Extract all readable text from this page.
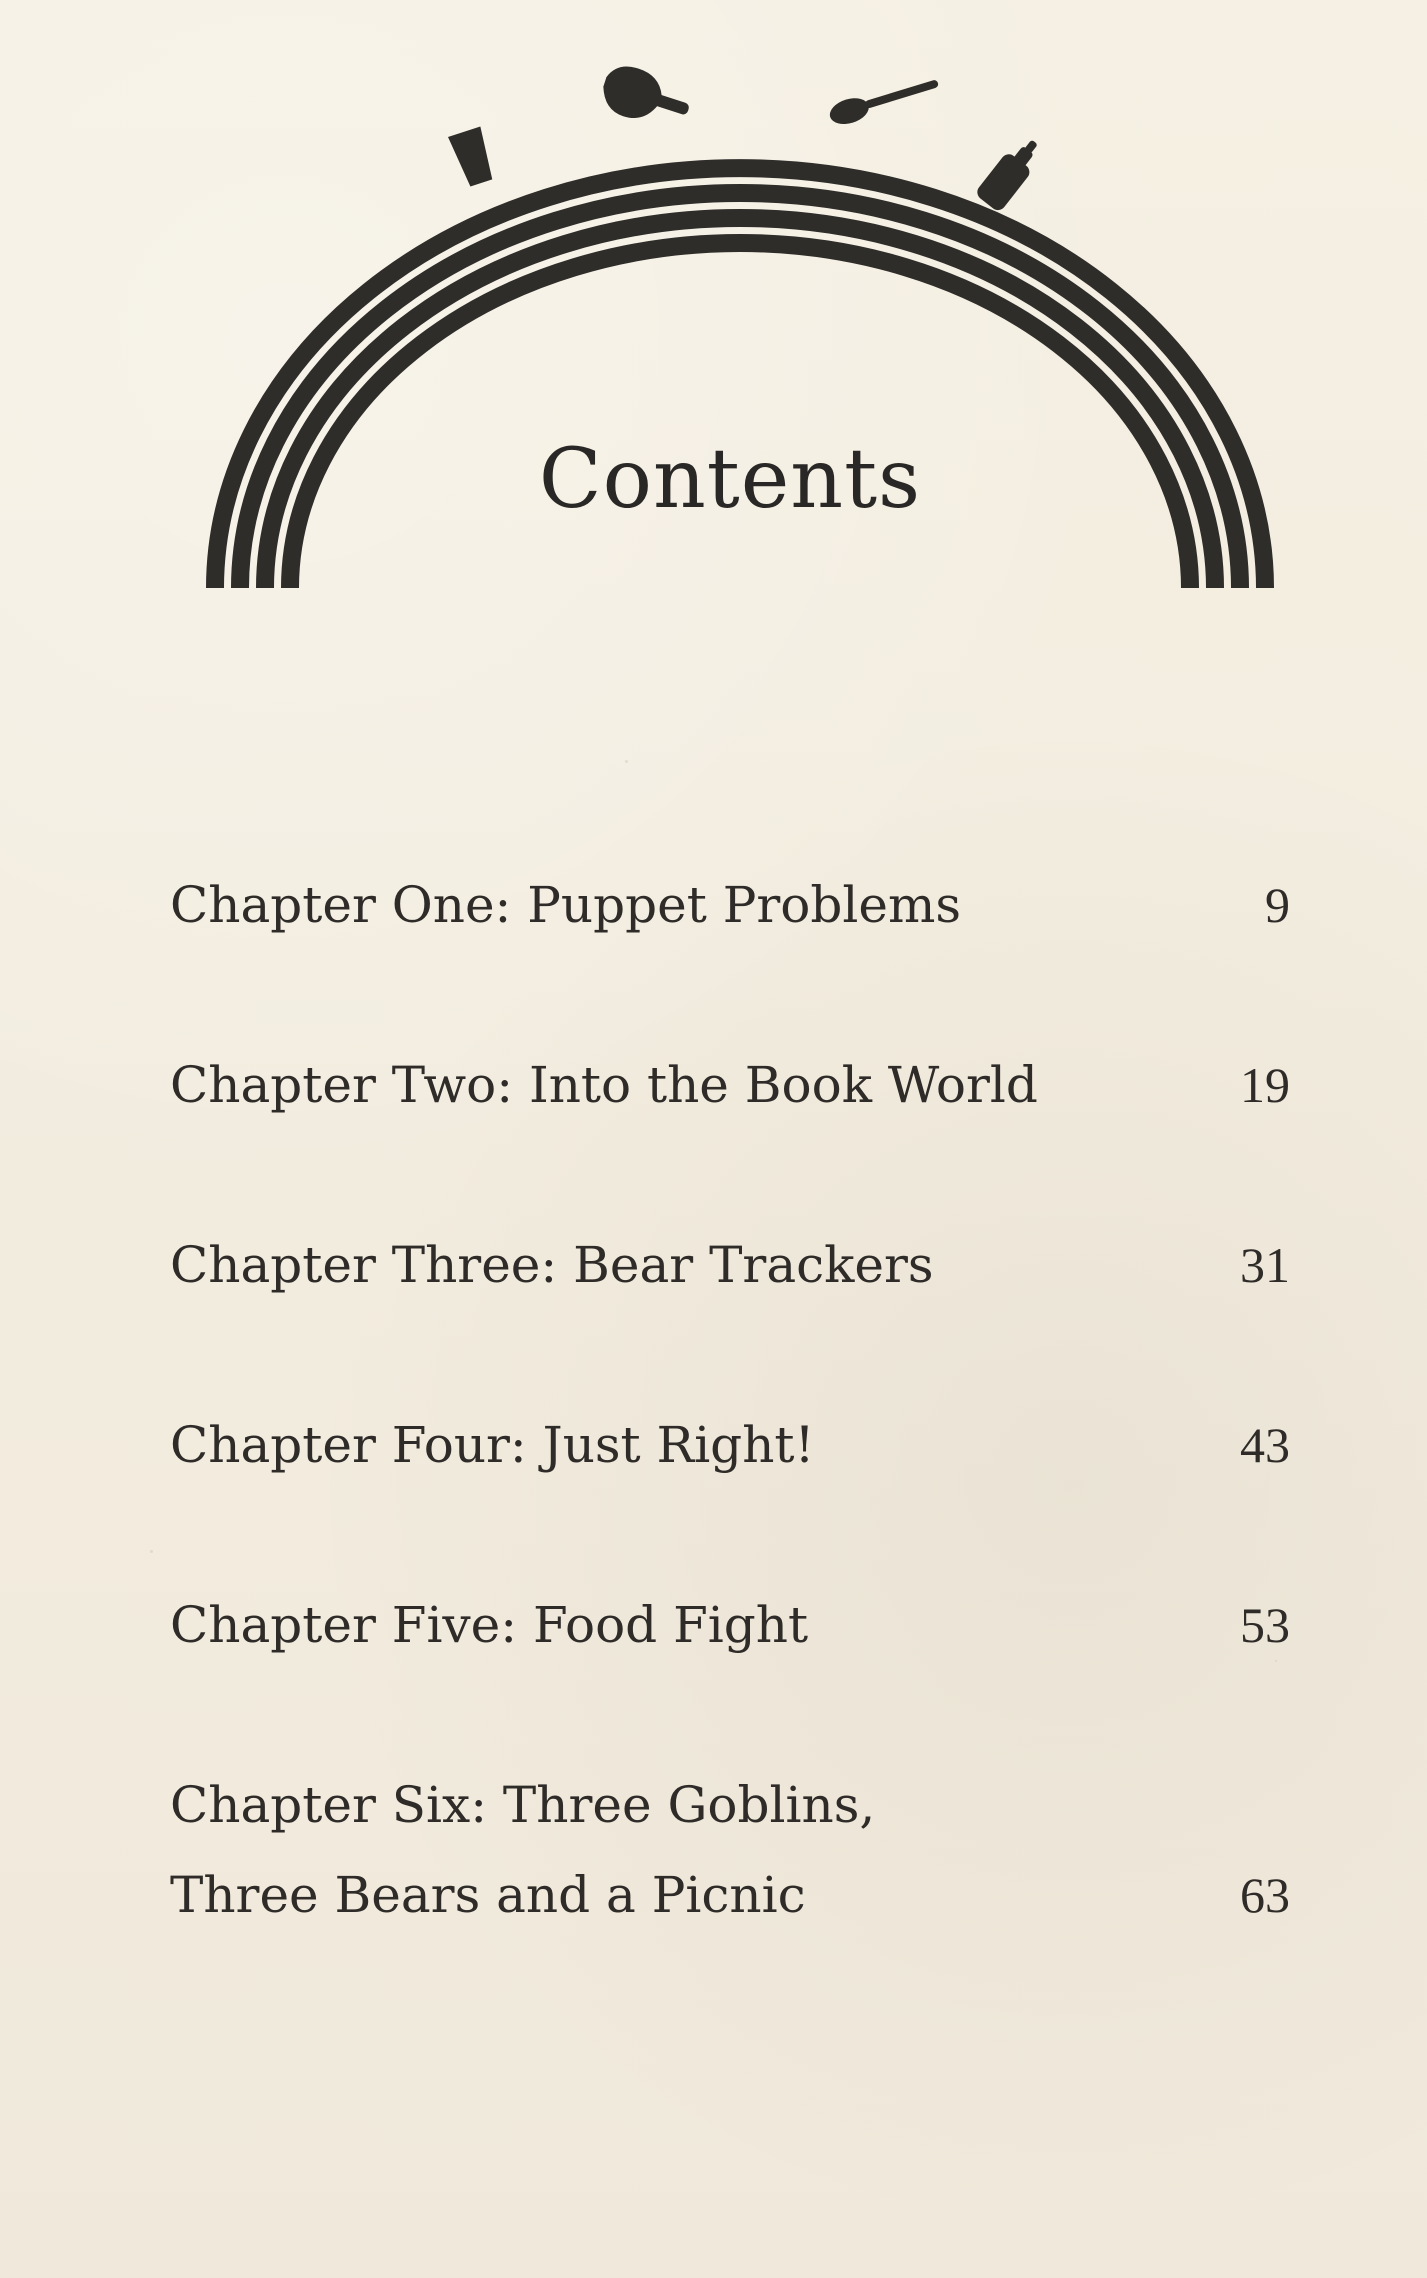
Contents
Chapter One: Puppet Problems	9
Chapter Two: Into the Book World	19
Chapter Three: Bear Trackers	31
Chapter Four: Just Right!	43
Chapter Five: Food Fight	53
Chapter Six: Three Goblins,
Three Bears and a Picnic	63
